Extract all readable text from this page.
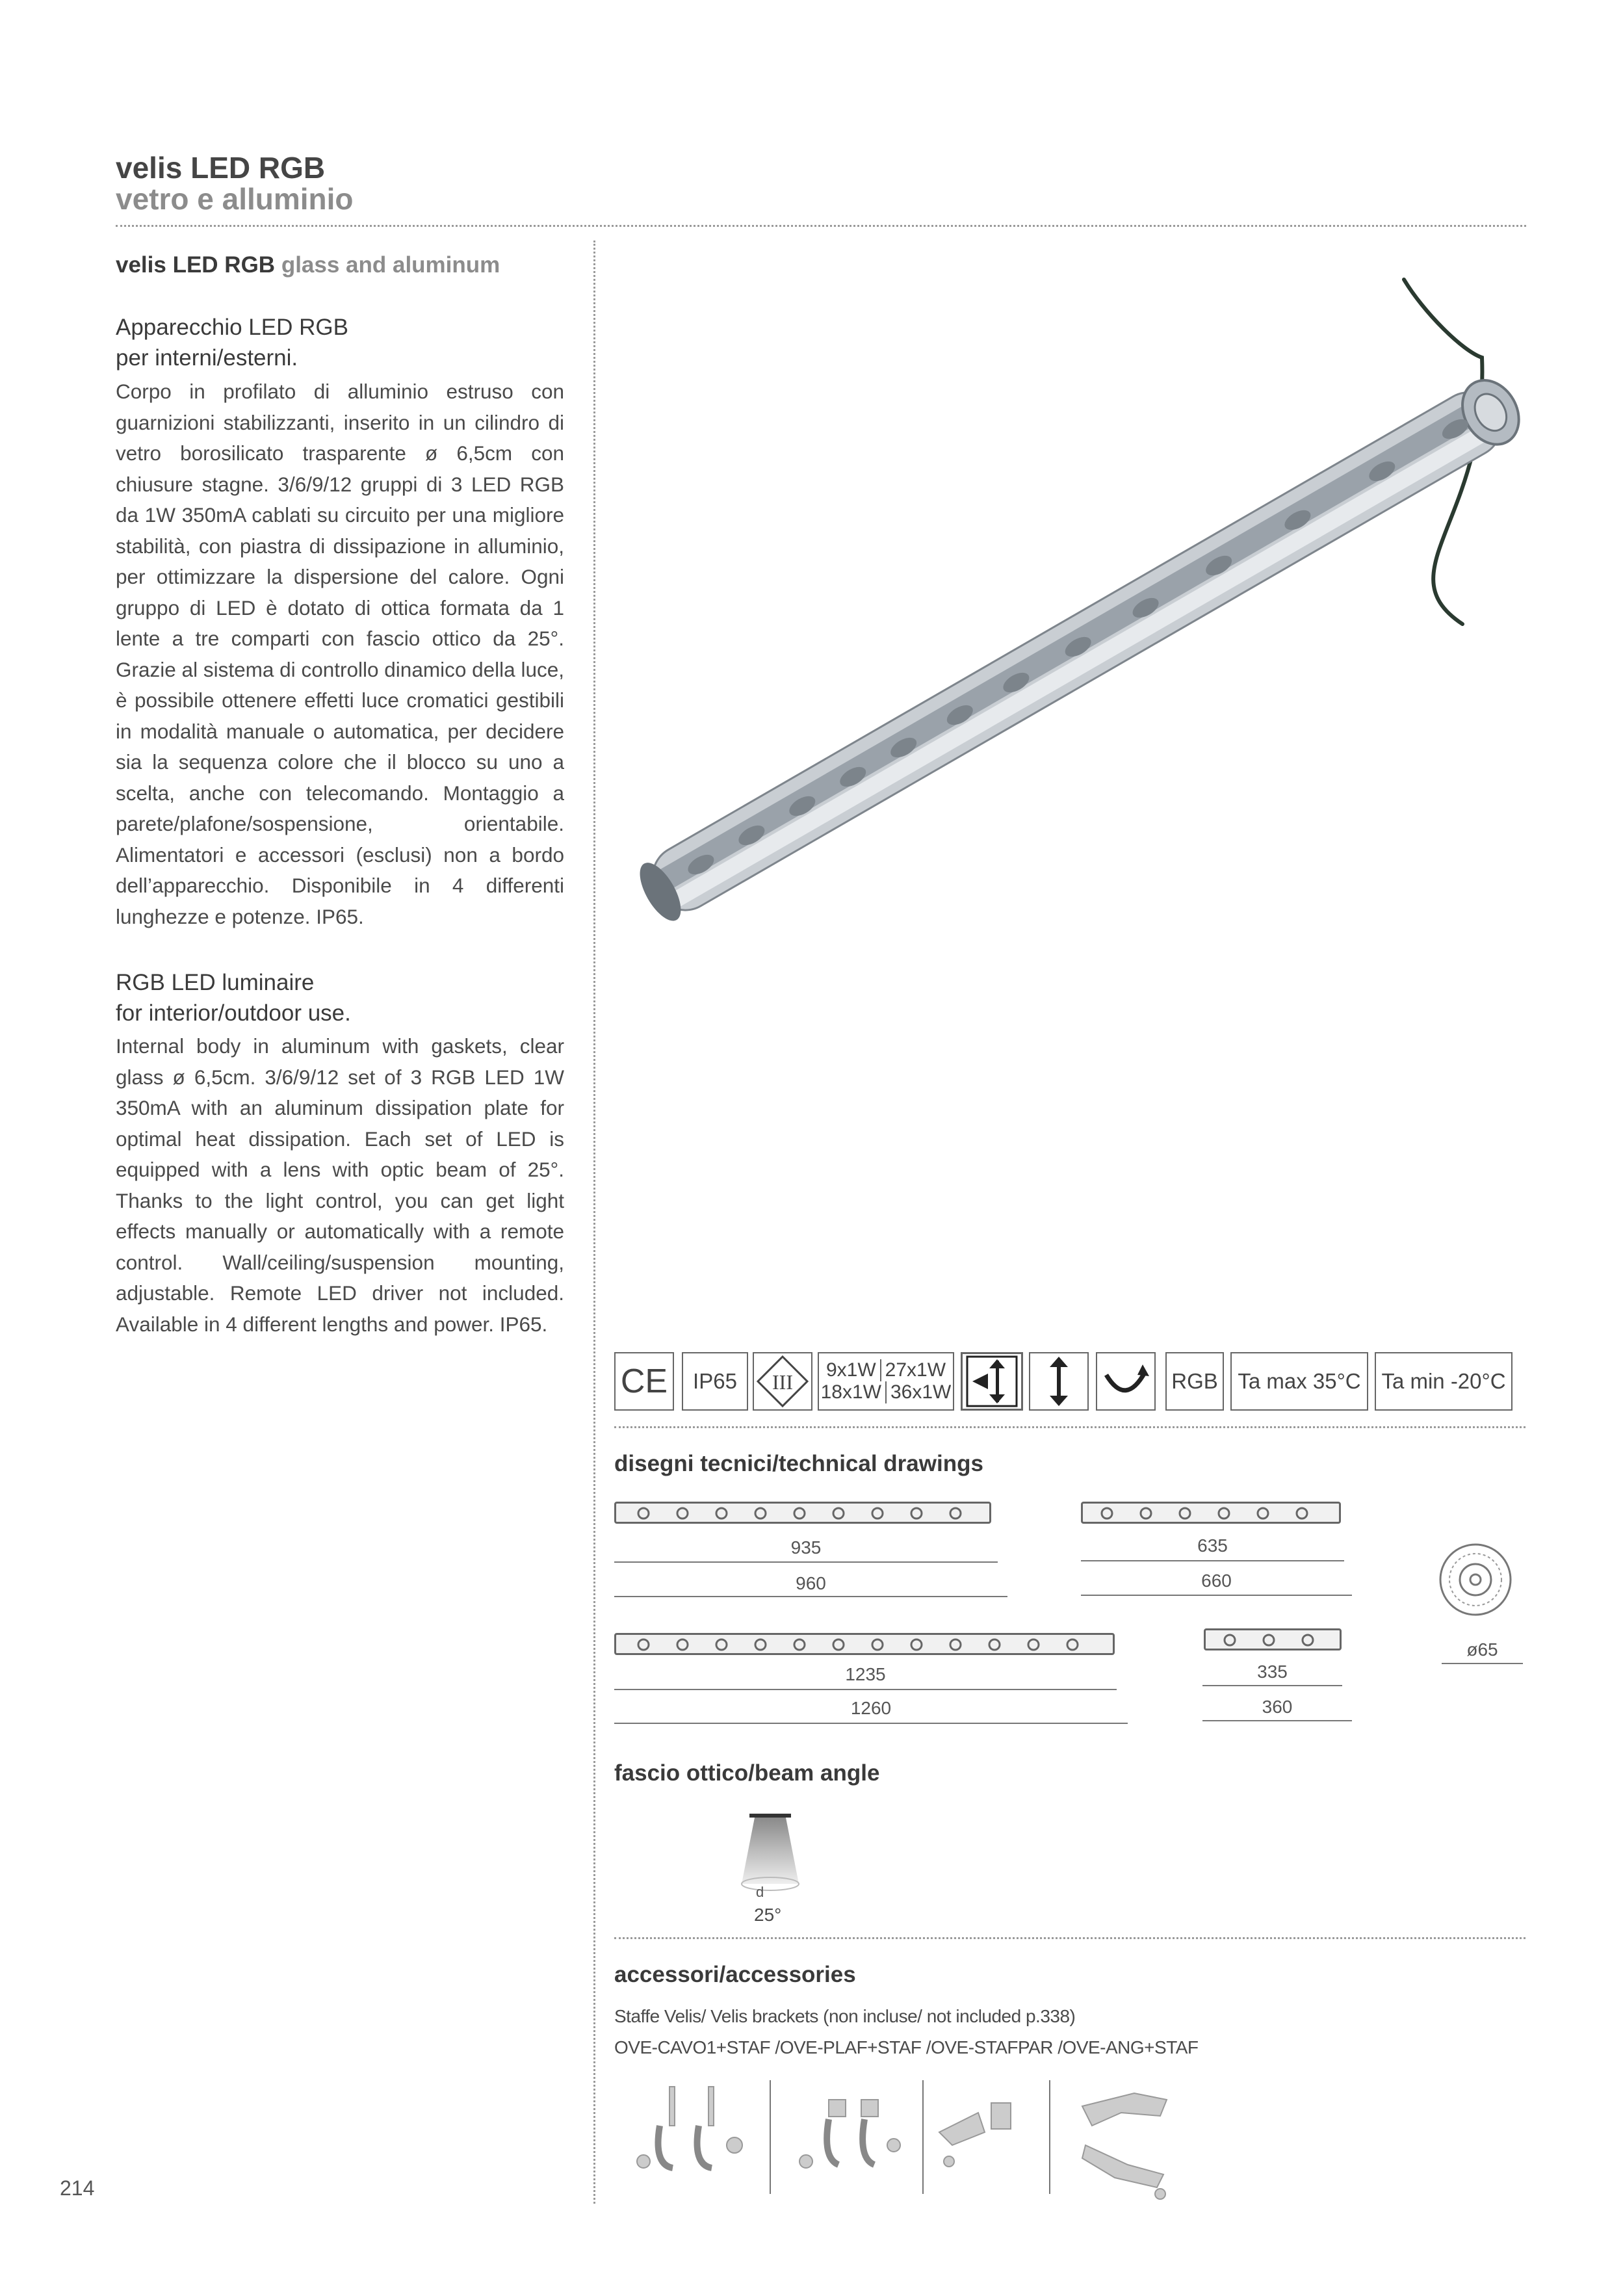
velis LED RGB
vetro e alluminio
velis LED RGB glass and aluminum
Apparecchio LED RGB
per interni/esterni.
Corpo in profilato di alluminio estruso con guarnizioni stabilizzanti, inserito in un cilindro di vetro borosilicato trasparente ø 6,5cm con chiusure stagne. 3/6/9/12 gruppi di 3 LED RGB da 1W 350mA cablati su circuito per una migliore stabilità, con piastra di dissipazione in alluminio, per ottimizzare la dispersione del calore. Ogni gruppo di LED è dotato di ottica formata da 1 lente a tre comparti con fascio ottico da 25°. Grazie al sistema di controllo dinamico della luce, è possibile ottenere effetti luce cromatici gestibili in modalità manuale o automatica, per decidere sia la sequenza colore che il blocco su uno a scelta, anche con telecomando. Montaggio a parete/plafone/sospensione, orientabile. Alimentatori e accessori (esclusi) non a bordo dell’apparecchio. Disponibile in 4 differenti lunghezze e potenze. IP65.
RGB LED luminaire
for interior/outdoor use.
Internal body in aluminum with gaskets, clear glass ø 6,5cm. 3/6/9/12 set of 3 RGB LED 1W 350mA with an aluminum dissipation plate for optimal heat dissipation. Each set of LED is equipped with a lens with optic beam of 25°. Thanks to the light control, you can get light effects manually or automatically with a remote control. Wall/ceiling/suspension mounting, adjustable. Remote LED driver not included. Available in 4 different lengths and power. IP65.
CE IP65 III
9x1W 27x1W
18x1W 36x1W	RGB Ta max 35°C Ta min -20°C
disegni tecnici/technical drawings
935
960
635
660
ø65
1235
1260
335
360
fascio ottico/beam angle
d
25°
accessori/accessories
Staffe Velis/ Velis brackets (non incluse/ not included p.338)
OVE-CAVO1+STAF /OVE-PLAF+STAF /OVE-STAFPAR /OVE-ANG+STAF
214
